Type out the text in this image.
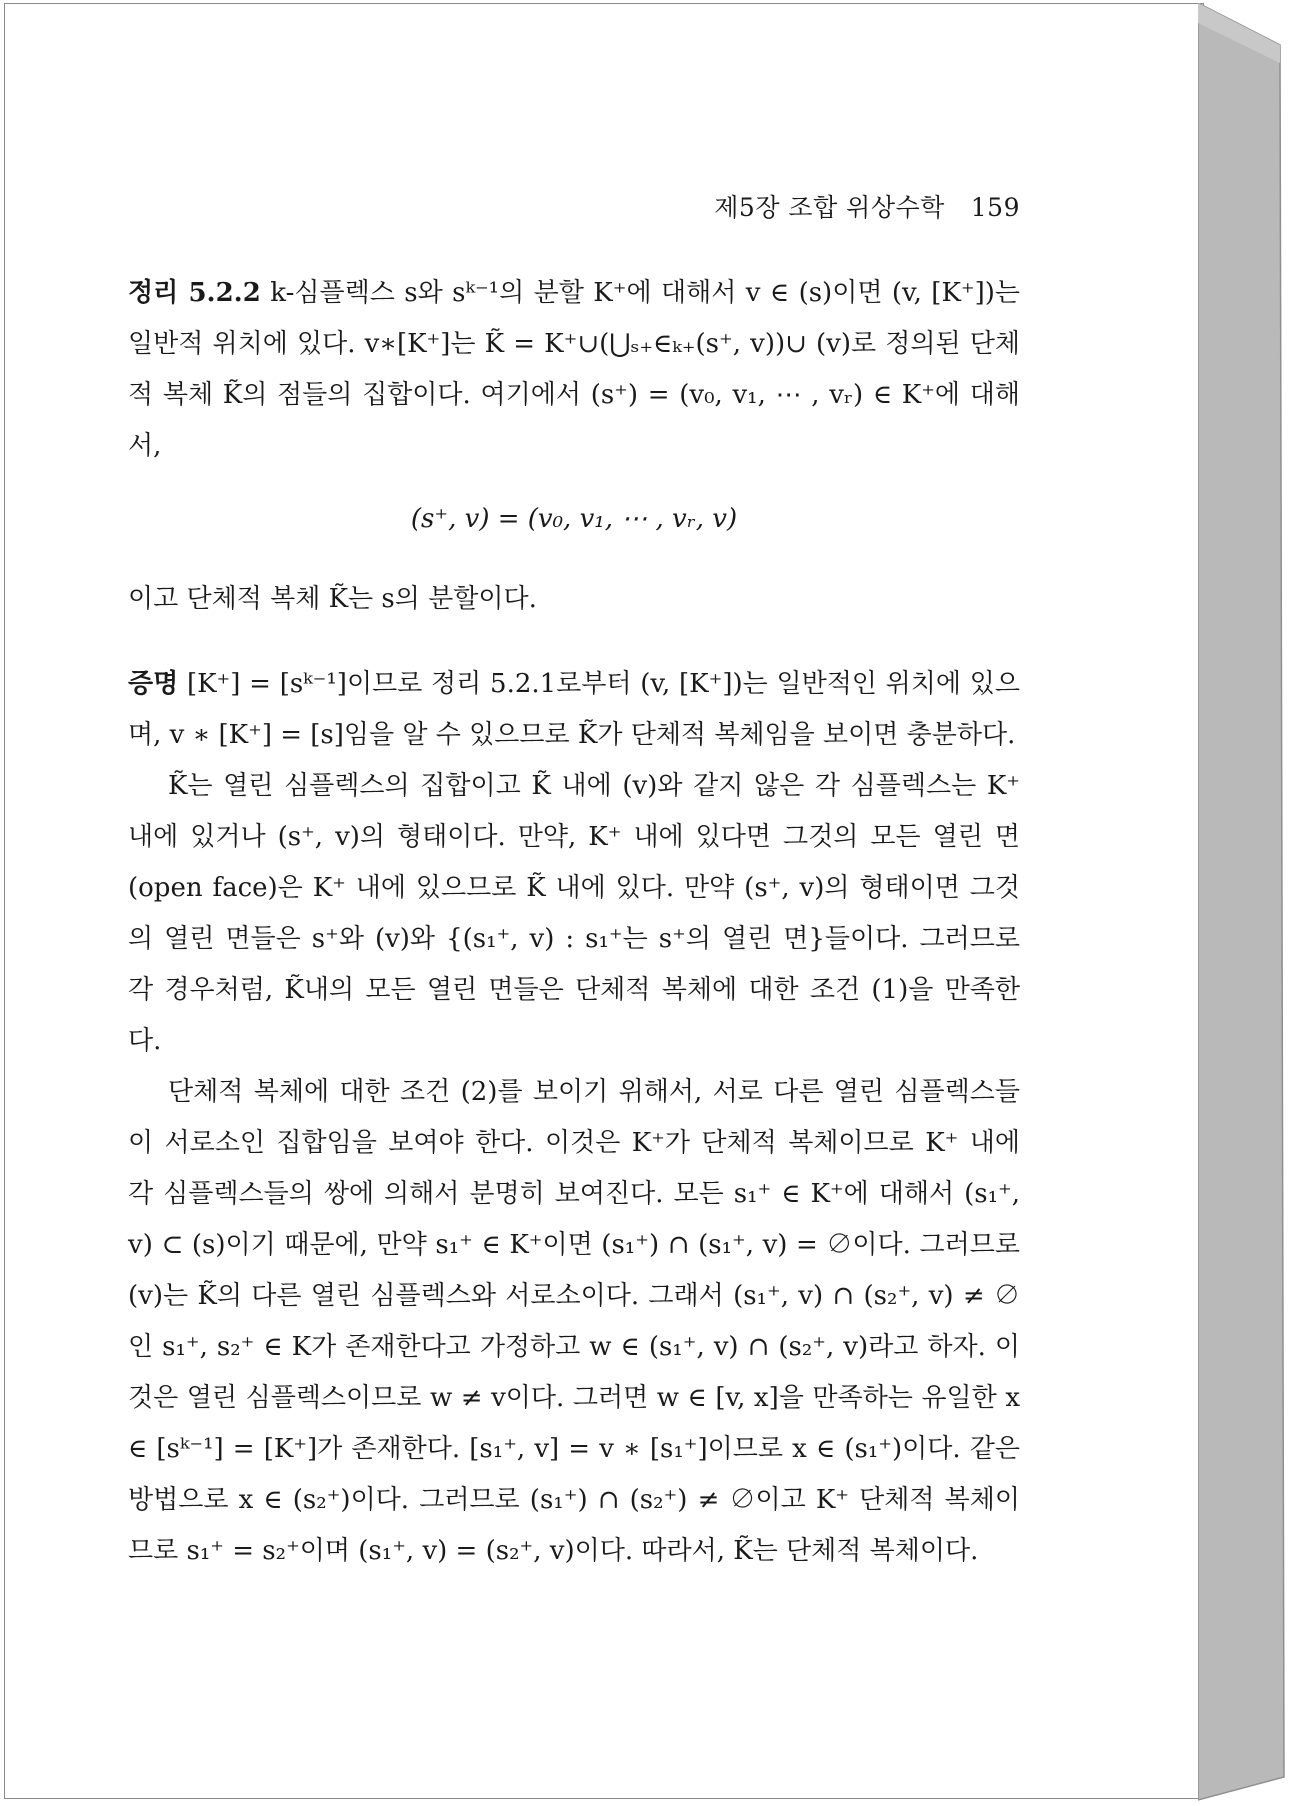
제5장 조합 위상수학 159

정리 5.2.2 k-심플렉스 s와 sᵏ⁻¹의 분할 K⁺에 대해서 v ∈ (s)이면 (v, [K⁺])는 일반적 위치에 있다. v∗[K⁺]는 K̃ = K⁺∪(⋃ₛ₊∈ₖ₊(s⁺, v))∪ (v)로 정의된 단체적 복체 K̃의 점들의 집합이다. 여기에서 (s⁺) = (v₀, v₁, ⋯ , vᵣ) ∈ K⁺에 대해서,

(s⁺, v) = (v₀, v₁, ⋯ , vᵣ, v)

이고 단체적 복체 K̃는 s의 분할이다.

증명 [K⁺] = [sᵏ⁻¹]이므로 정리 5.2.1로부터 (v, [K⁺])는 일반적인 위치에 있으며, v ∗ [K⁺] = [s]임을 알 수 있으므로 K̃가 단체적 복체임을 보이면 충분하다.

K̃는 열린 심플렉스의 집합이고 K̃ 내에 (v)와 같지 않은 각 심플렉스는 K⁺ 내에 있거나 (s⁺, v)의 형태이다. 만약, K⁺ 내에 있다면 그것의 모든 열린 면(open face)은 K⁺ 내에 있으므로 K̃ 내에 있다. 만약 (s⁺, v)의 형태이면 그것의 열린 면들은 s⁺와 (v)와 {(s₁⁺, v) : s₁⁺는 s⁺의 열린 면}들이다. 그러므로 각 경우처럼, K̃내의 모든 열린 면들은 단체적 복체에 대한 조건 (1)을 만족한다.

단체적 복체에 대한 조건 (2)를 보이기 위해서, 서로 다른 열린 심플렉스들이 서로소인 집합임을 보여야 한다. 이것은 K⁺가 단체적 복체이므로 K⁺ 내에 각 심플렉스들의 쌍에 의해서 분명히 보여진다. 모든 s₁⁺ ∈ K⁺에 대해서 (s₁⁺, v) ⊂ (s)이기 때문에, 만약 s₁⁺ ∈ K⁺이면 (s₁⁺) ∩ (s₁⁺, v) = ∅이다. 그러므로 (v)는 K̃의 다른 열린 심플렉스와 서로소이다. 그래서 (s₁⁺, v) ∩ (s₂⁺, v) ≠ ∅인 s₁⁺, s₂⁺ ∈ K가 존재한다고 가정하고 w ∈ (s₁⁺, v) ∩ (s₂⁺, v)라고 하자. 이것은 열린 심플렉스이므로 w ≠ v이다. 그러면 w ∈ [v, x]을 만족하는 유일한 x ∈ [sᵏ⁻¹] = [K⁺]가 존재한다. [s₁⁺, v] = v ∗ [s₁⁺]이므로 x ∈ (s₁⁺)이다. 같은 방법으로 x ∈ (s₂⁺)이다. 그러므로 (s₁⁺) ∩ (s₂⁺) ≠ ∅이고 K⁺ 단체적 복체이므로 s₁⁺ = s₂⁺이며 (s₁⁺, v) = (s₂⁺, v)이다. 따라서, K̃는 단체적 복체이다.
